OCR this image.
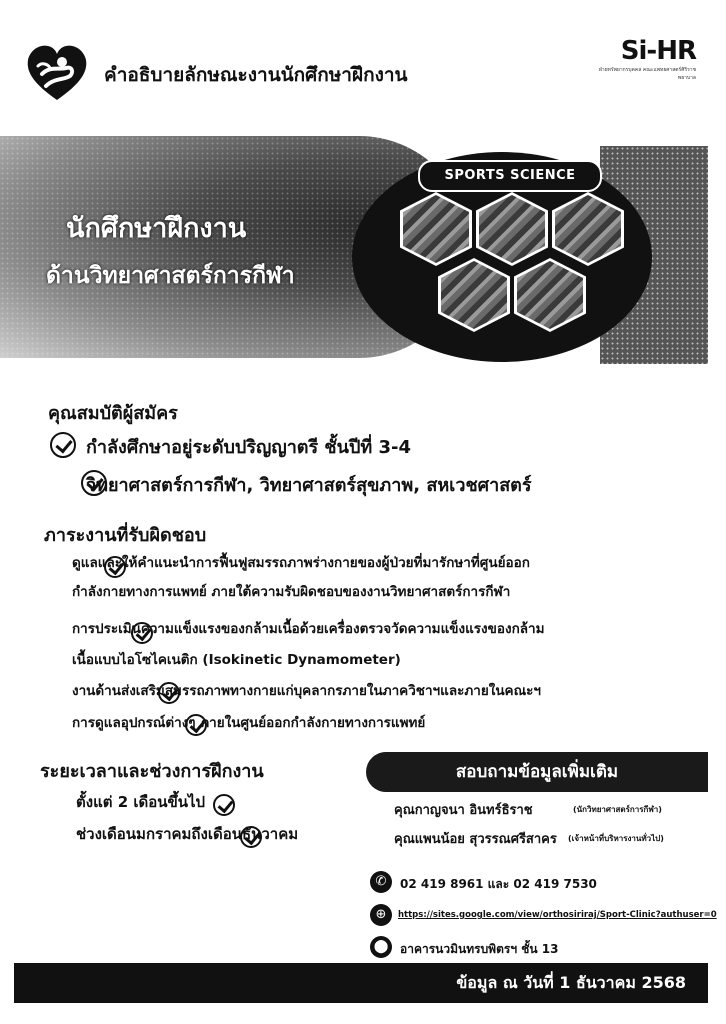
คำอธิบายลักษณะงานนักศึกษาฝึกงาน
Si-HR
ฝ่ายทรัพยากรบุคคล คณะแพทยศาสตร์ศิริราชพยาบาล
นักศึกษาฝึกงาน
ด้านวิทยาศาสตร์การกีฬา
SPORTS SCIENCE
คุณสมบัติผู้สมัคร

กำลังศึกษาอยู่ระดับปริญญาตรี ชั้นปีที่ 3-4

วิทยาศาสตร์การกีฬา, วิทยาศาสตร์สุขภาพ, สหเวชศาสตร์
ภาระงานที่รับผิดชอบ

ดูแลและให้คำแนะนำการฟื้นฟูสมรรถภาพร่างกายของผู้ป่วยที่มารักษาที่ศูนย์ออก
กำลังกายทางการแพทย์ ภายใต้ความรับผิดชอบของงานวิทยาศาสตร์การกีฬา

การประเมินความแข็งแรงของกล้ามเนื้อด้วยเครื่องตรวจวัดความแข็งแรงของกล้าม
เนื้อแบบไอโซไคเนติก (Isokinetic Dynamometer)

งานด้านส่งเสริมสมรรถภาพทางกายแก่บุคลากรภายในภาควิชาฯและภายในคณะฯ

การดูแลอุปกรณ์ต่างๆ ภายในศูนย์ออกกำลังกายทางการแพทย์
ระยะเวลาและช่วงการฝึกงาน

ตั้งแต่ 2 เดือนขึ้นไป
ช่วงเดือนมกราคมถึงเดือนธันวาคม
สอบถามข้อมูลเพิ่มเติม
คุณกาญจนา อินทร์ธิราช	(นักวิทยาศาสตร์การกีฬา)
คุณแพนน้อย สุวรรณศรีสาคร (เจ้าหน้าที่บริหารงานทั่วไป)
✆	02 419 8961 และ 02 419 7530
⊕	https://sites.google.com/view/orthosiriraj/Sport-Clinic?authuser=0
⬤ อาคารนวมินทรบพิตรฯ ชั้น 13
ข้อมูล ณ วันที่ 1 ธันวาคม 2568
